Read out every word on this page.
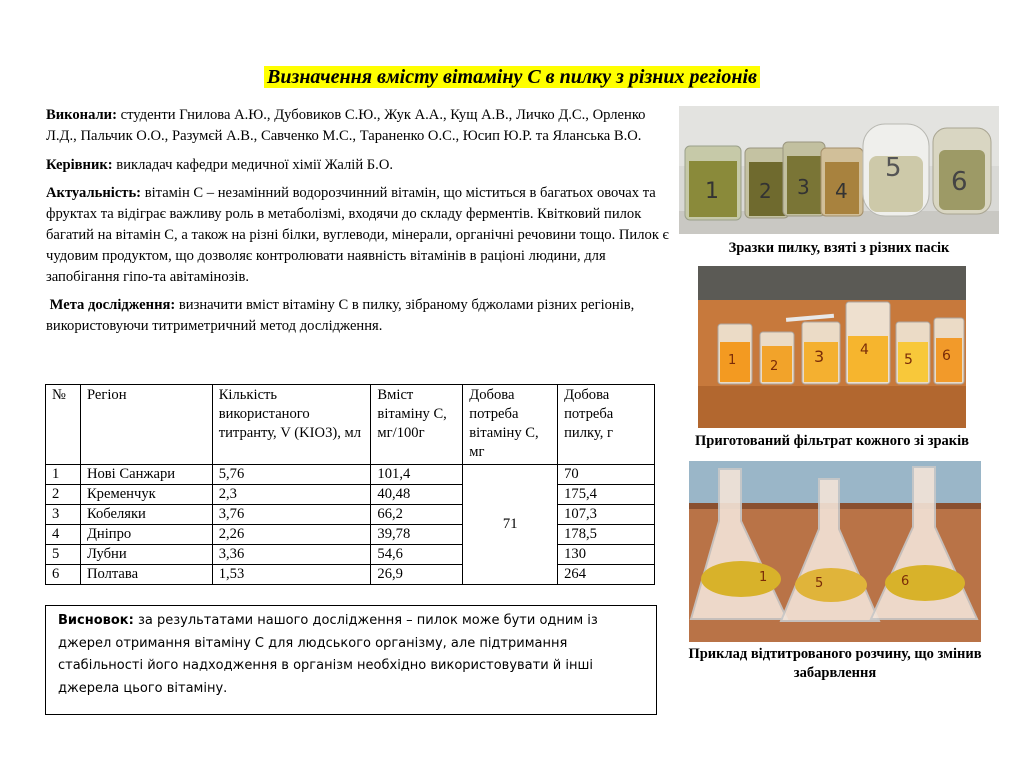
Визначення вмісту вітаміну С в пилку з різних регіонів

Виконали: студенти Гнилова А.Ю., Дубовиков С.Ю., Жук А.А., Кущ А.В., Личко Д.С., Орленко Л.Д., Пальчик О.О., Разумєй А.В., Савченко М.С., Тараненко О.С., Юсип Ю.Р. та Яланська В.О.

Керівник: викладач кафедри медичної хімії Жалій Б.О.

Актуальність: вітамін С – незамінний водорозчинний вітамін, що міститься в багатьох овочах та фруктах та відіграє важливу роль в метаболізмі, входячи до складу ферментів. Квітковий пилок багатий на вітамін С, а також на різні білки, вуглеводи, мінерали, органічні речовини тощо. Пилок є чудовим продуктом, що дозволяє контролювати наявність вітамінів в раціоні людини, для запобігання гіпо-та авітамінозів.

Мета дослідження: визначити вміст вітаміну С в пилку, зібраному бджолами різних регіонів, використовуючи титриметричний метод дослідження.

№	Регіон	Кількість використаного титранту, V (KIO3), мл	Вміст вітаміну С, мг/100г	Добова потреба вітаміну С, мг	Добова потреба пилку, г
1	Нові Санжари	5,76	101,4	71	70
2	Кременчук	2,3	40,48		175,4
3	Кобеляки	3,76	66,2		107,3
4	Дніпро	2,26	39,78		178,5
5	Лубни	3,36	54,6		130
6	Полтава	1,53	26,9		264
Висновок: за результатами нашого дослідження – пилок може бути одним із джерел отримання вітаміну С для людського організму, але підтримання стабільності його надходження в організм необхідно використовувати й інші джерела цього вітаміну.
1 2 3 4
5 6
Зразки пилку, взяті з різних пасік
1	2
3	4
5 6
Приготований фільтрат кожного зі зраків
1	5	6
Приклад відтитрованого розчину, що змінив забарвлення
